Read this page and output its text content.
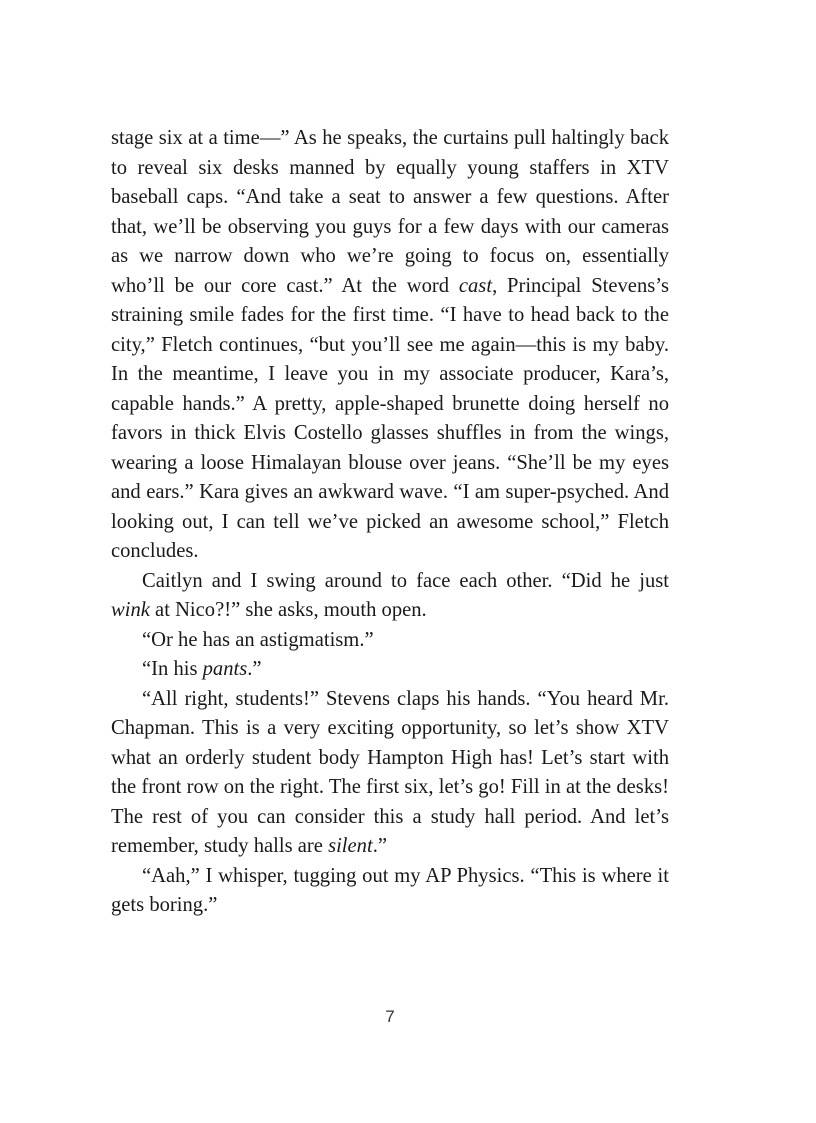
stage six at a time—” As he speaks, the curtains pull haltingly back to reveal six desks manned by equally young staffers in XTV baseball caps. “And take a seat to answer a few questions. After that, we’ll be observing you guys for a few days with our cameras as we narrow down who we’re going to focus on, essentially who’ll be our core cast.” At the word cast, Principal Stevens’s straining smile fades for the first time. “I have to head back to the city,” Fletch continues, “but you’ll see me again—this is my baby. In the meantime, I leave you in my associate producer, Kara’s, capable hands.” A pretty, apple-shaped brunette doing herself no favors in thick Elvis Costello glasses shuffles in from the wings, wearing a loose Himalayan blouse over jeans. “She’ll be my eyes and ears.” Kara gives an awkward wave. “I am super-psyched. And looking out, I can tell we’ve picked an awesome school,” Fletch concludes.

Caitlyn and I swing around to face each other. “Did he just wink at Nico?!” she asks, mouth open.

“Or he has an astigmatism.”

“In his pants.”

“All right, students!” Stevens claps his hands. “You heard Mr. Chapman. This is a very exciting opportunity, so let’s show XTV what an orderly student body Hampton High has! Let’s start with the front row on the right. The first six, let’s go! Fill in at the desks! The rest of you can consider this a study hall period. And let’s remember, study halls are silent.”

“Aah,” I whisper, tugging out my AP Physics. “This is where it gets boring.”

7
